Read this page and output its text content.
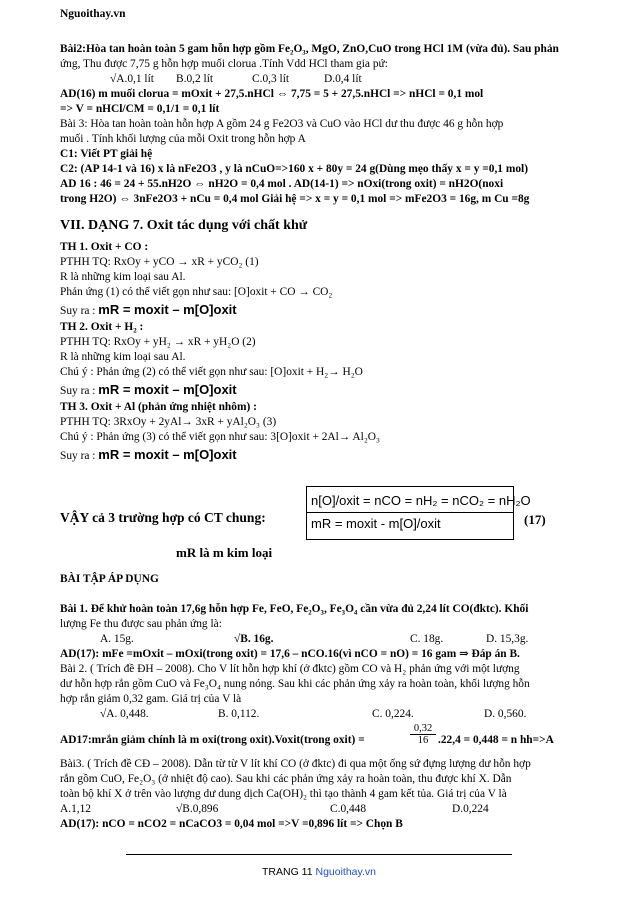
Nguoithay.vn
Bài2:Hòa tan hoàn toàn 5 gam hỗn hợp gồm Fe₂O₃, MgO, ZnO,CuO trong HCl 1M (vừa đủ). Sau phản
ứng, Thu được 7,75 g hỗn hợp muối clorua .Tính Vdd HCl tham gia pứ:
√A.0,1 lít B.0,2 lít	C.0,3 lít	D.0,4 lít
AD(16) m muối clorua = mOxit + 27,5.nHCl ⇔ 7,75 = 5 + 27,5.nHCl => nHCl = 0,1 mol
=> V = nHCl/CM = 0,1/1 = 0,1 lít
Bài 3: Hòa tan hoàn toàn hỗn hợp A gồm 24 g Fe2O3 và CuO vào HCl dư thu được 46 g hỗn hợp
muối . Tính khối lượng của mỗi Oxit trong hỗn hợp A
C1: Viết PT giải hệ
C2: (AP 14-1 và 16) x là nFe2O3 , y là nCuO=>160 x + 80y = 24 g(Dùng mẹo thấy x = y =0,1 mol)
AD 16 : 46 = 24 + 55.nH2O ⇔ nH2O = 0,4 mol . AD(14-1) => nOxi(trong oxit) = nH2O(noxi
trong H2O) ⇔ 3nFe2O3 + nCu = 0,4 mol Giải hệ => x = y = 0,1 mol => mFe2O3 = 16g, m Cu =8g
VII. DẠNG 7. Oxit tác dụng với chất khử
TH 1. Oxit + CO :
PTHH TQ: RxOy + yCO → xR + yCO₂ (1)
R là những kim loại sau Al.
Phản ứng (1) có thể viết gọn như sau: [O]oxit + CO → CO₂
Suy ra : mR = moxit – m[O]oxit
TH 2. Oxit + H₂ :
PTHH TQ: RxOy + yH₂ → xR + yH₂O (2)
R là những kim loại sau Al.
Chú ý : Phản ứng (2) có thể viết gọn như sau: [O]oxit + H₂→ H₂O
Suy ra : mR = moxit – m[O]oxit
TH 3. Oxit + Al (phản ứng nhiệt nhôm) :
PTHH TQ: 3RxOy + 2yAl→ 3xR + yAl₂O₃ (3)
Chú ý : Phản ứng (3) có thể viết gọn như sau: 3[O]oxit + 2Al→ Al₂O₃
Suy ra : mR = moxit – m[O]oxit
VẬY cả 3 trường hợp có CT chung:
n[O]/oxit = nCO = nH₂ = nCO₂ = nH₂O
mR = moxit - m[O]/oxit	(17)
mR là m kim loại
BÀI TẬP ÁP DỤNG
Bài 1. Để khử hoàn toàn 17,6g hỗn hợp Fe, FeO, Fe₂O₃, Fe₃O₄ cần vừa đủ 2,24 lít CO(đktc). Khối
lượng Fe thu được sau phản ứng là:
A. 15g.	√B. 16g.	C. 18g.	D. 15,3g.
AD(17): mFe =mOxit – mOxi(trong oxit) = 17,6 – nCO.16(vì nCO = nO) = 16 gam ⇒ Đáp án B.
Bài 2. ( Trích đề ĐH – 2008). Cho V lít hỗn hợp khí (ở đktc) gồm CO và H₂ phản ứng với một lượng
dư hỗn hợp rắn gồm CuO và Fe₃O₄ nung nóng. Sau khi các phản ứng xảy ra hoàn toàn, khối lượng hỗn
hợp rắn giảm 0,32 gam. Giá trị của V là
√A. 0,448.	B. 0,112.	C. 0,224.	D. 0,560.
AD17:mrắn giảm chính là m oxi(trong oxit).Voxit(trong oxit) =	$\frac{0,32}{16} .22,4 = 0,448 = n$ hh=>A
Bài3. ( Trích đề CĐ – 2008). Dẫn từ từ V lít khí CO (ở đktc) đi qua một ống sứ đựng lượng dư hỗn hợp
rắn gồm CuO, Fe₂O₃ (ở nhiệt độ cao). Sau khi các phản ứng xảy ra hoàn toàn, thu được khí X. Dẫn
toàn bộ khí X ở trên vào lượng dư dung dịch Ca(OH)₂ thì tạo thành 4 gam kết tủa. Giá trị của V là
A.1,12	√B.0,896	C.0,448	D.0,224
AD(17): nCO = nCO2 = nCaCO3 = 0,04 mol =>V =0,896 lít => Chọn B
TRANG 11 Nguoithay.vn
